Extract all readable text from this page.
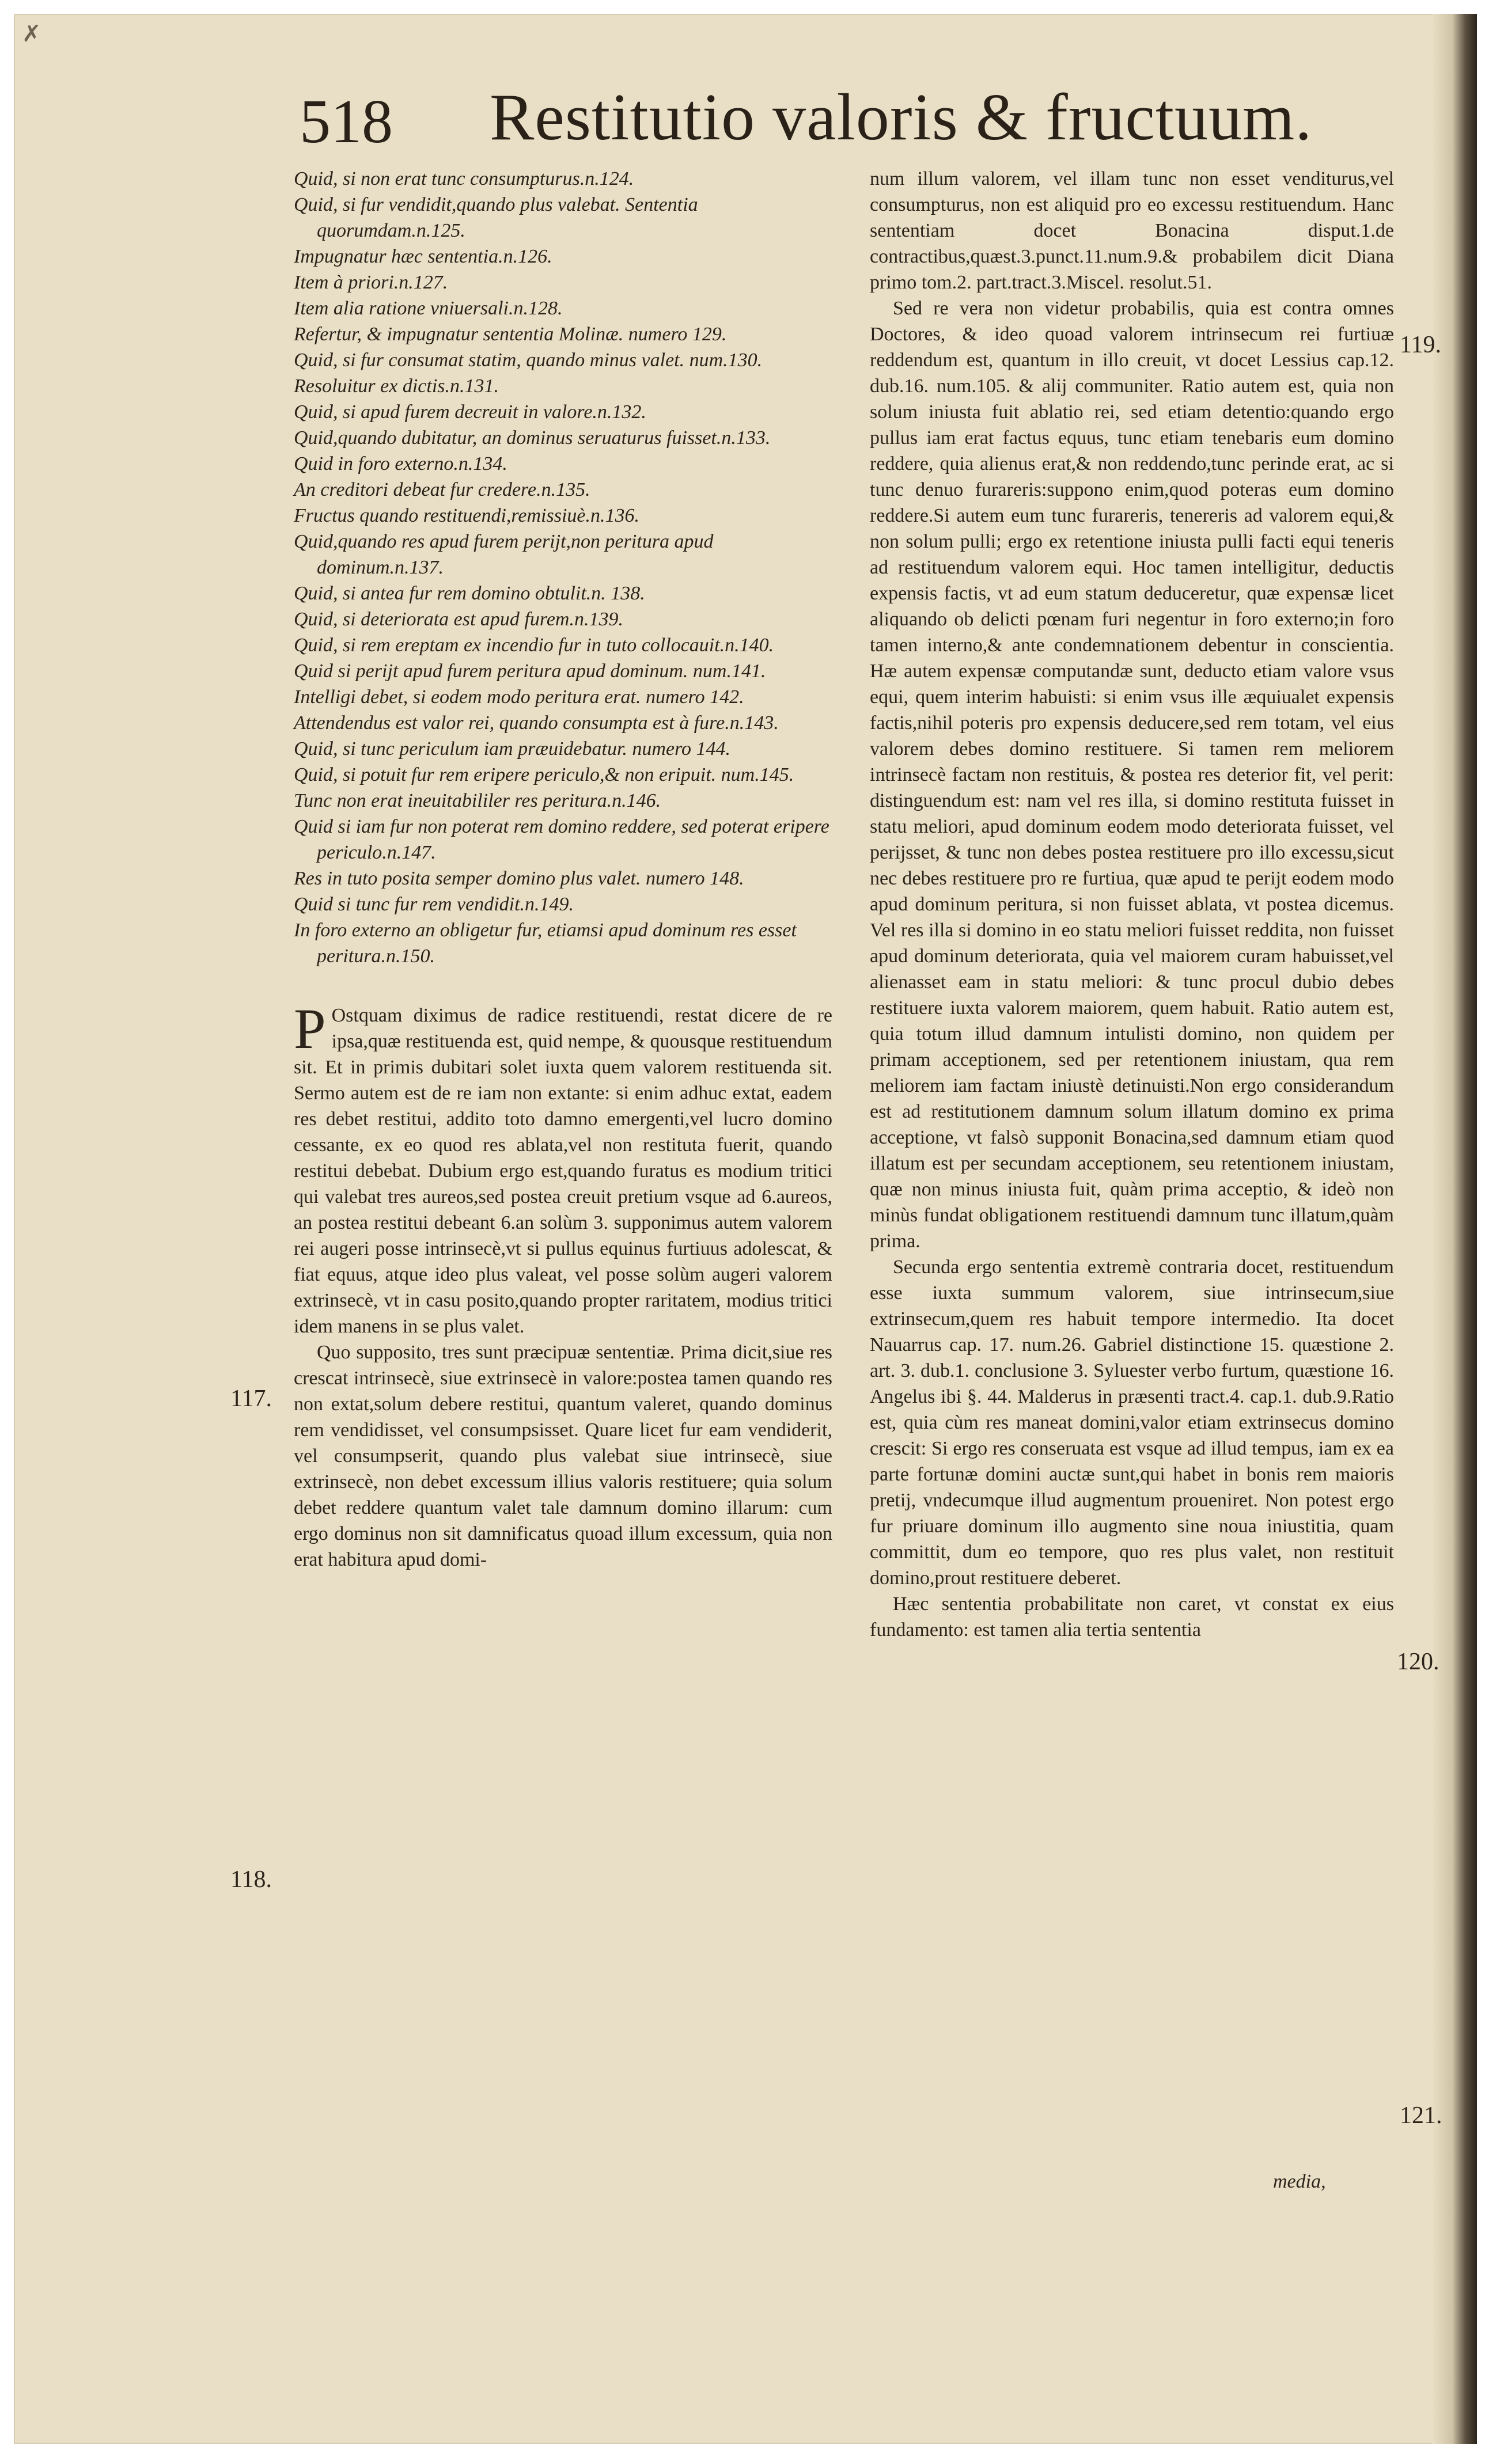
✗
518 Restitutio valoris & fructuum.
Quid, si non erat tunc consumpturus.n.124.
Quid, si fur vendidit,quando plus valebat. Sententia quorumdam.n.125.
Impugnatur hæc sententia.n.126.
Item à priori.n.127.
Item alia ratione vniuersali.n.128.
Refertur, & impugnatur sententia Molinæ. numero 129.
Quid, si fur consumat statim, quando minus valet. num.130.
Resoluitur ex dictis.n.131.
Quid, si apud furem decreuit in valore.n.132.
Quid,quando dubitatur, an dominus seruaturus fuisset.n.133.
Quid in foro externo.n.134.
An creditori debeat fur credere.n.135.
Fructus quando restituendi,remissiuè.n.136.
Quid,quando res apud furem perijt,non peritura apud dominum.n.137.
Quid, si antea fur rem domino obtulit.n. 138.
Quid, si deteriorata est apud furem.n.139.
Quid, si rem ereptam ex incendio fur in tuto collocauit.n.140.
Quid si perijt apud furem peritura apud dominum. num.141.
Intelligi debet, si eodem modo peritura erat. numero 142.
Attendendus est valor rei, quando consumpta est à fure.n.143.
Quid, si tunc periculum iam præuidebatur. numero 144.
Quid, si potuit fur rem eripere periculo,& non eripuit. num.145.
Tunc non erat ineuitabililer res peritura.n.146.
Quid si iam fur non poterat rem domino reddere, sed poterat eripere periculo.n.147.
Res in tuto posita semper domino plus valet. numero 148.
Quid si tunc fur rem vendidit.n.149.
In foro externo an obligetur fur, etiamsi apud dominum res esset peritura.n.150.

P Ostquam diximus de radice restituendi, restat dicere de re ipsa,quæ restituenda est, quid nempe, & quousque restituendum sit. Et in primis dubitari solet iuxta quem valorem restituenda sit. Sermo autem est de re iam non extante: si enim adhuc extat, eadem res debet restitui, addito toto damno emergenti,vel lucro domino cessante, ex eo quod res ablata,vel non restituta fuerit, quando restitui debebat. Dubium ergo est,quando furatus es modium tritici qui valebat tres aureos,sed postea creuit pretium vsque ad 6.aureos, an postea restitui debeant 6.an solùm 3. supponimus autem valorem rei augeri posse intrinsecè,vt si pullus equinus furtiuus adolescat, & fiat equus, atque ideo plus valeat, vel posse solùm augeri valorem extrinsecè, vt in casu posito,quando propter raritatem, modius tritici idem manens in se plus valet.

Quo supposito, tres sunt præcipuæ sententiæ. Prima dicit,siue res crescat intrinsecè, siue extrinsecè in valore:postea tamen quando res non extat,solum debere restitui, quantum valeret, quando dominus rem vendidisset, vel consumpsisset. Quare licet fur eam vendiderit, vel consumpserit, quando plus valebat siue intrinsecè, siue extrinsecè, non debet excessum illius valoris restituere; quia solum debet reddere quantum valet tale damnum domino illarum: cum ergo dominus non sit damnificatus quoad illum excessum, quia non erat habitura apud domi-

num illum valorem, vel illam tunc non esset venditurus,vel consumpturus, non est aliquid pro eo excessu restituendum. Hanc sententiam docet Bonacina disput.1.de contractibus,quæst.3.punct.11.num.9.& probabilem dicit Diana primo tom.2. part.tract.3.Miscel. resolut.51.

Sed re vera non videtur probabilis, quia est contra omnes Doctores, & ideo quoad valorem intrinsecum rei furtiuæ reddendum est, quantum in illo creuit, vt docet Lessius cap.12. dub.16. num.105. & alij communiter. Ratio autem est, quia non solum iniusta fuit ablatio rei, sed etiam detentio:quando ergo pullus iam erat factus equus, tunc etiam tenebaris eum domino reddere, quia alienus erat,& non reddendo,tunc perinde erat, ac si tunc denuo furareris:suppono enim,quod poteras eum domino reddere.Si autem eum tunc furareris, tenereris ad valorem equi,& non solum pulli; ergo ex retentione iniusta pulli facti equi teneris ad restituendum valorem equi. Hoc tamen intelligitur, deductis expensis factis, vt ad eum statum deduceretur, quæ expensæ licet aliquando ob delicti pœnam furi negentur in foro externo;in foro tamen interno,& ante condemnationem debentur in conscientia. Hæ autem expensæ computandæ sunt, deducto etiam valore vsus equi, quem interim habuisti: si enim vsus ille æquiualet expensis factis,nihil poteris pro expensis deducere,sed rem totam, vel eius valorem debes domino restituere. Si tamen rem meliorem intrinsecè factam non restituis, & postea res deterior fit, vel perit: distinguendum est: nam vel res illa, si domino restituta fuisset in statu meliori, apud dominum eodem modo deteriorata fuisset, vel perijsset, & tunc non debes postea restituere pro illo excessu,sicut nec debes restituere pro re furtiua, quæ apud te perijt eodem modo apud dominum peritura, si non fuisset ablata, vt postea dicemus. Vel res illa si domino in eo statu meliori fuisset reddita, non fuisset apud dominum deteriorata, quia vel maiorem curam habuisset,vel alienasset eam in statu meliori: & tunc procul dubio debes restituere iuxta valorem maiorem, quem habuit. Ratio autem est, quia totum illud damnum intulisti domino, non quidem per primam acceptionem, sed per retentionem iniustam, qua rem meliorem iam factam iniustè detinuisti.Non ergo considerandum est ad restitutionem damnum solum illatum domino ex prima acceptione, vt falsò supponit Bonacina,sed damnum etiam quod illatum est per secundam acceptionem, seu retentionem iniustam, quæ non minus iniusta fuit, quàm prima acceptio, & ideò non minùs fundat obligationem restituendi damnum tunc illatum,quàm prima.

Secunda ergo sententia extremè contraria docet, restituendum esse iuxta summum valorem, siue intrinsecum,siue extrinsecum,quem res habuit tempore intermedio. Ita docet Nauarrus cap. 17. num.26. Gabriel distinctione 15. quæstione 2. art. 3. dub.1. conclusione 3. Syluester verbo furtum, quæstione 16. Angelus ibi §. 44. Malderus in præsenti tract.4. cap.1. dub.9.Ratio est, quia cùm res maneat domini,valor etiam extrinsecus domino crescit: Si ergo res conseruata est vsque ad illud tempus, iam ex ea parte fortunæ domini auctæ sunt,qui habet in bonis rem maioris pretij, vndecumque illud augmentum proueniret. Non potest ergo fur priuare dominum illo augmento sine noua iniustitia, quam committit, dum eo tempore, quo res plus valet, non restituit domino,prout restituere deberet.

Hæc sententia probabilitate non caret, vt constat ex eius fundamento: est tamen alia tertia sententia

117.
118.
119.
120.
121.
media,
